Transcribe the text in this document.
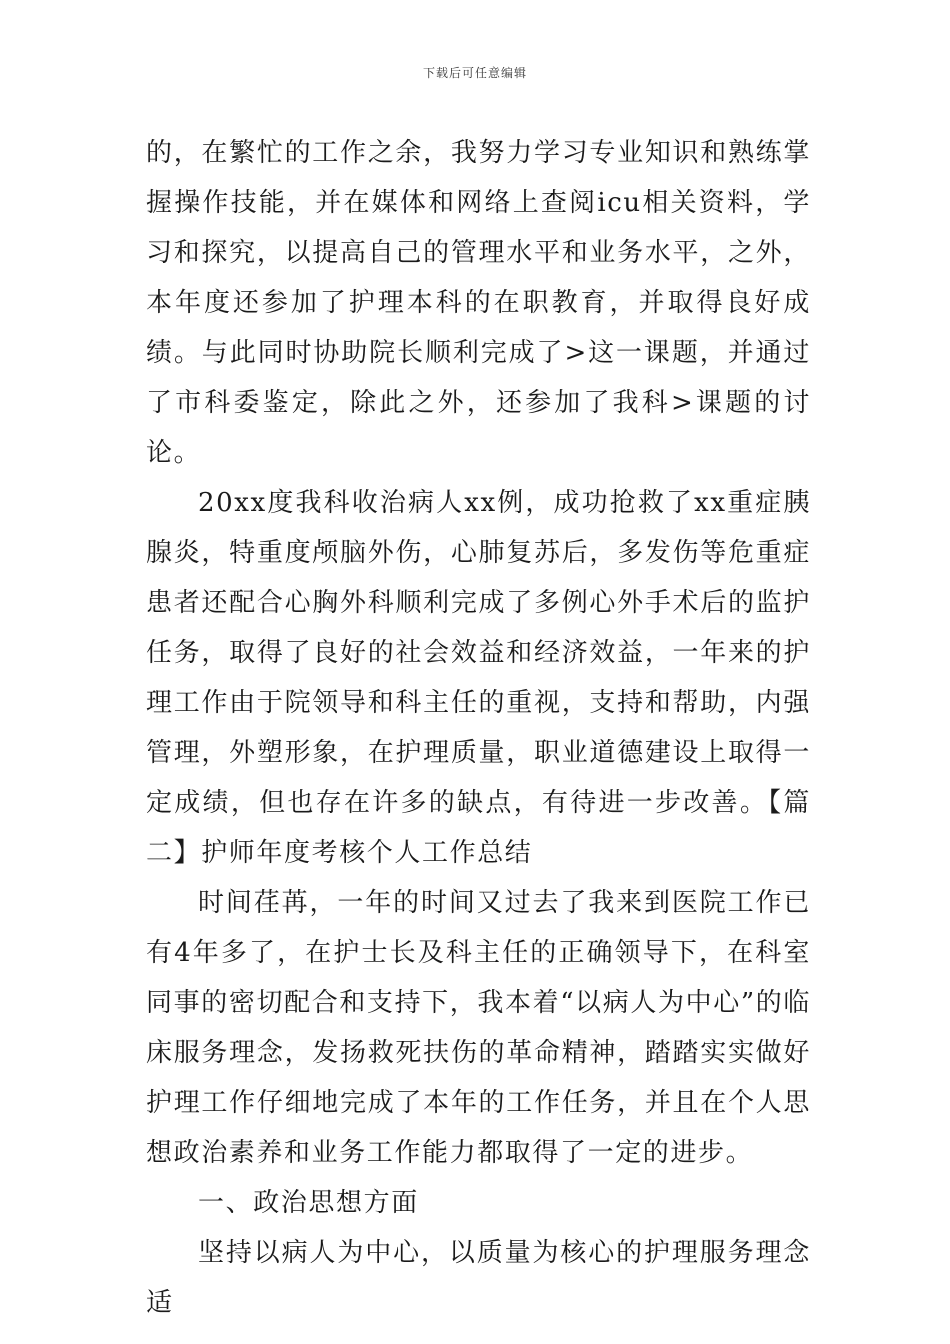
下载后可任意编辑

的，在繁忙的工作之余，我努力学习专业知识和熟练掌握操作技能，并在媒体和网络上查阅icu相关资料，学习和探究，以提高自己的管理水平和业务水平，之外，本年度还参加了护理本科的在职教育，并取得良好成绩。与此同时协助院长顺利完成了>这一课题，并通过了市科委鉴定，除此之外，还参加了我科>课题的讨论。

20xx度我科收治病人xx例，成功抢救了xx重症胰腺炎，特重度颅脑外伤，心肺复苏后，多发伤等危重症患者还配合心胸外科顺利完成了多例心外手术后的监护任务，取得了良好的社会效益和经济效益，一年来的护理工作由于院领导和科主任的重视，支持和帮助，内强管理，外塑形象，在护理质量，职业道德建设上取得一定成绩，但也存在许多的缺点，有待进一步改善。【篇二】护师年度考核个人工作总结

时间荏苒，一年的时间又过去了我来到医院工作已有4年多了，在护士长及科主任的正确领导下，在科室同事的密切配合和支持下，我本着“以病人为中心”的临床服务理念，发扬救死扶伤的革命精神，踏踏实实做好护理工作仔细地完成了本年的工作任务，并且在个人思想政治素养和业务工作能力都取得了一定的进步。

一、政治思想方面

坚持以病人为中心，以质量为核心的护理服务理念适
